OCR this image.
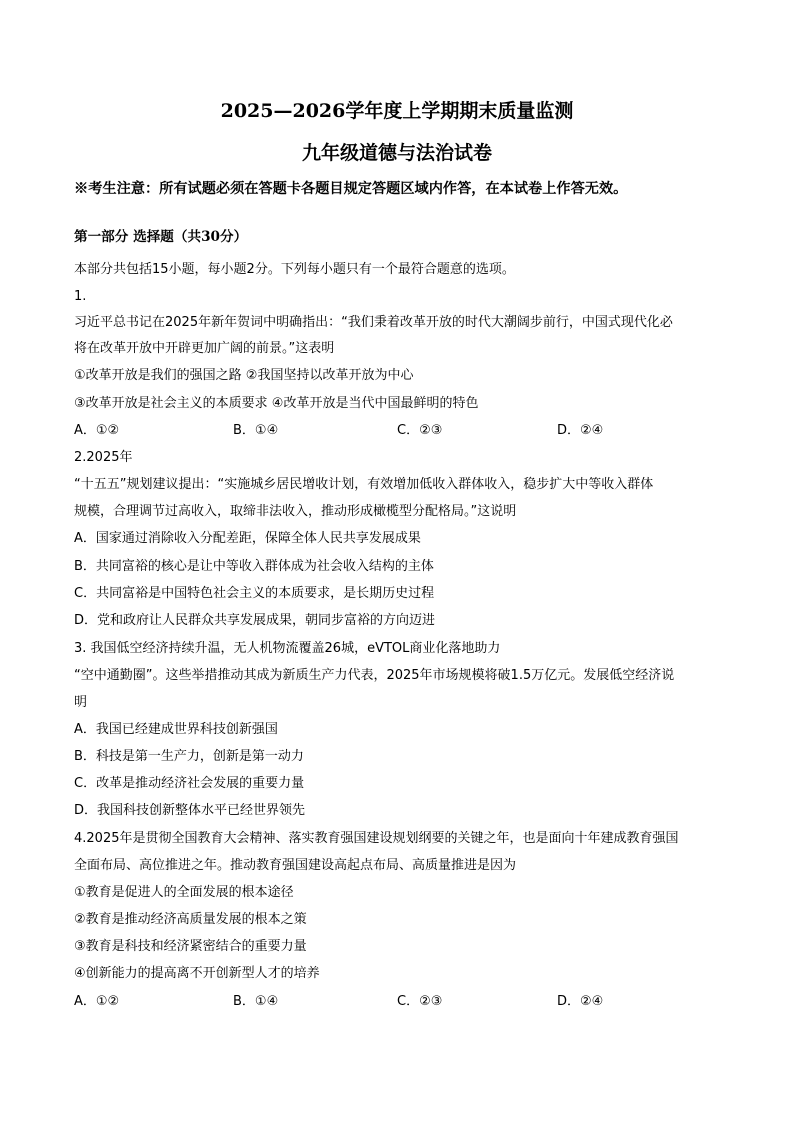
2025—2026学年度上学期期末质量监测
九年级道德与法治试卷
※考生注意：所有试题必须在答题卡各题目规定答题区域内作答，在本试卷上作答无效。
第一部分 选择题（共30分）
本部分共包括15小题，每小题2分。下列每小题只有一个最符合题意的选项。
1.
习近平总书记在2025年新年贺词中明确指出：“我们秉着改革开放的时代大潮阔步前行，中国式现代化必
将在改革开放中开辟更加广阔的前景。”这表明
①改革开放是我们的强国之路 ②我国坚持以改革开放为中心
③改革开放是社会主义的本质要求 ④改革开放是当代中国最鲜明的特色
A．①②	B．①④	C．②③	D．②④
2.2025年
“十五五”规划建议提出：“实施城乡居民增收计划，有效增加低收入群体收入，稳步扩大中等收入群体
规模，合理调节过高收入，取缔非法收入，推动形成橄榄型分配格局。”这说明
A．国家通过消除收入分配差距，保障全体人民共享发展成果
B．共同富裕的核心是让中等收入群体成为社会收入结构的主体
C．共同富裕是中国特色社会主义的本质要求，是长期历史过程
D．党和政府让人民群众共享发展成果，朝同步富裕的方向迈进
3. 我国低空经济持续升温，无人机物流覆盖26城，eVTOL商业化落地助力
“空中通勤圈”。这些举措推动其成为新质生产力代表，2025年市场规模将破1.5万亿元。发展低空经济说
明
A．我国已经建成世界科技创新强国
B．科技是第一生产力，创新是第一动力
C．改革是推动经济社会发展的重要力量
D．我国科技创新整体水平已经世界领先
4.2025年是贯彻全国教育大会精神、落实教育强国建设规划纲要的关键之年，也是面向十年建成教育强国
全面布局、高位推进之年。推动教育强国建设高起点布局、高质量推进是因为
①教育是促进人的全面发展的根本途径
②教育是推动经济高质量发展的根本之策
③教育是科技和经济紧密结合的重要力量
④创新能力的提高离不开创新型人才的培养
A．①②	B．①④	C．②③	D．②④
